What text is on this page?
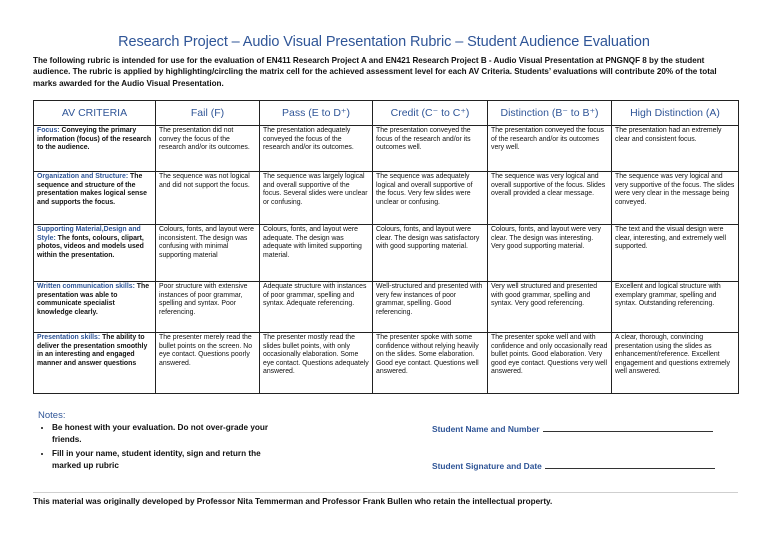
Research Project – Audio Visual Presentation Rubric – Student Audience Evaluation
The following rubric is intended for use for the evaluation of EN411 Research Project A and EN421 Research Project B - Audio Visual Presentation at PNGNQF 8 by the student audience. The rubric is applied by highlighting/circling the matrix cell for the achieved assessment level for each AV Criteria. Students’ evaluations will contribute 20% of the total marks awarded for the Audio Visual Presentation.
AV CRITERIA	Fail (F)	Pass (E to D⁺)	Credit (C⁻ to C⁺)	Distinction (B⁻ to B⁺)	High Distinction (A)
Focus: Conveying the primary information (focus) of the research to the audience.	The presentation did not convey the focus of the research and/or its outcomes.	The presentation adequately conveyed the focus of the research and/or its outcomes.	The presentation conveyed the focus of the research and/or its outcomes well.	The presentation conveyed the focus of the research and/or its outcomes very well.	The presentation had an extremely clear and consistent focus.
Organization and Structure: The sequence and structure of the presentation makes logical sense and supports the focus.	The sequence was not logical and did not support the focus.	The sequence was largely logical and overall supportive of the focus. Several slides were unclear or confusing.	The sequence was adequately logical and overall supportive of the focus. Very few slides were unclear or confusing.	The sequence was very logical and overall supportive of the focus. Slides overall provided a clear message.	The sequence was very logical and very supportive of the focus. The slides were very clear in the message being conveyed.
Supporting Material,Design and Style: The fonts, colours, clipart, photos, videos and models used within the presentation.	Colours, fonts, and layout were inconsistent. The design was confusing with minimal supporting material	Colours, fonts, and layout were adequate. The design was adequate with limited supporting material.	Colours, fonts, and layout were clear. The design was satisfactory with good supporting material.	Colours, fonts, and layout were very clear. The design was interesting. Very good supporting material.	The text and the visual design were clear, interesting, and extremely well supported.
Written communication skills: The presentation was able to communicate specialist knowledge clearly.	Poor structure with extensive instances of poor grammar, spelling and syntax. Poor referencing.	Adequate structure with instances of poor grammar, spelling and syntax. Adequate referencing.	Well-structured and presented with very few instances of poor grammar, spelling. Good referencing.	Very well structured and presented with good grammar, spelling and syntax. Very good referencing.	Excellent and logical structure with exemplary grammar, spelling and syntax. Outstanding referencing.
Presentation skills: The ability to deliver the presentation smoothly in an interesting and engaged manner and answer questions	The presenter merely read the bullet points on the screen. No eye contact. Questions poorly answered.	The presenter mostly read the slides bullet points, with only occasionally elaboration. Some eye contact. Questions adequately answered.	The presenter spoke with some confidence without relying heavily on the slides. Some elaboration. Good eye contact. Questions well answered.	The presenter spoke well and with confidence and only occasionally read bullet points. Good elaboration. Very good eye contact. Questions very well answered.	A clear, thorough, convincing presentation using the slides as enhancement/reference. Excellent engagement and questions extremely well answered.
Notes:
• Be honest with your evaluation. Do not over-grade your friends.
• Fill in your name, student identity, sign and return the marked up rubric
Student Name and Number
Student Signature and Date
This material was originally developed by Professor Nita Temmerman and Professor Frank Bullen who retain the intellectual property.
